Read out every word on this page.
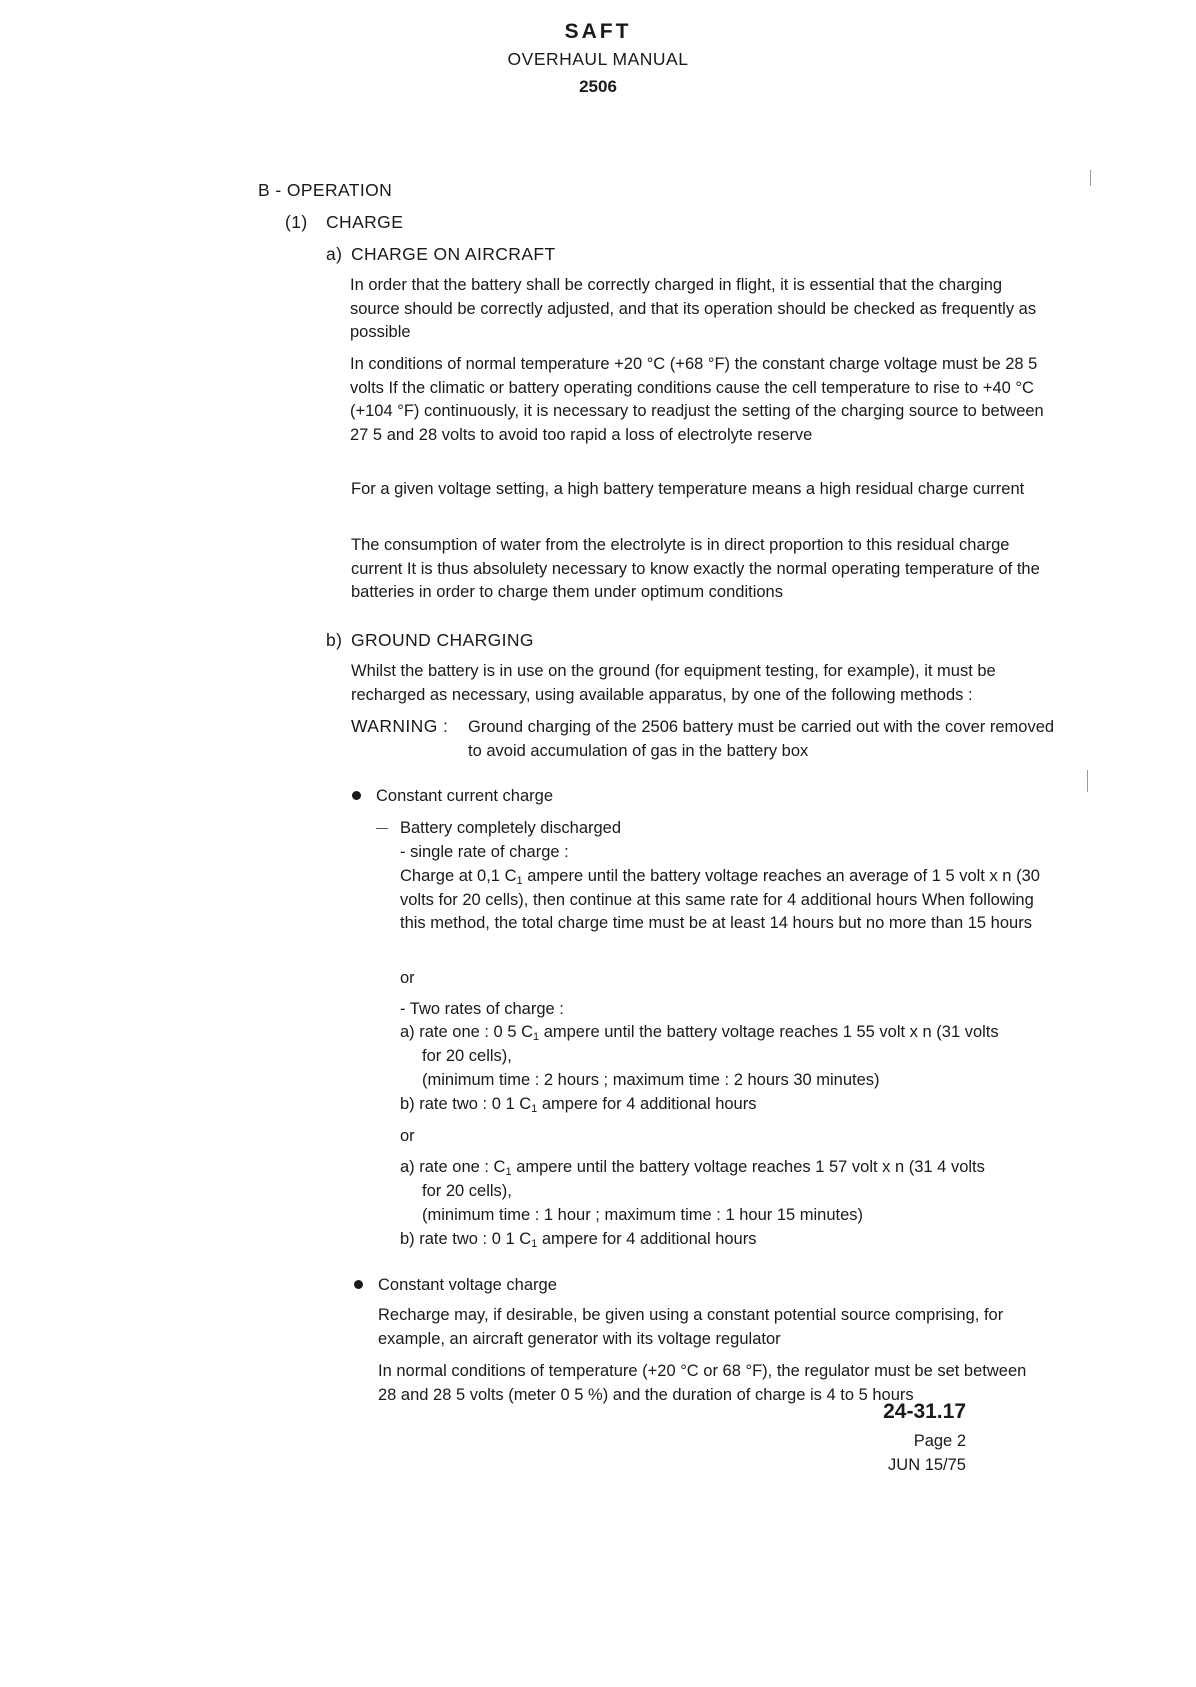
SAFT
OVERHAUL MANUAL
2506
B - OPERATION
(1) CHARGE
a) CHARGE ON AIRCRAFT

In order that the battery shall be correctly charged in flight, it is essential that the charging source should be correctly adjusted, and that its operation should be checked as frequently as possible

In conditions of normal temperature +20 °C (+68 °F) the constant charge voltage must be 28 5 volts If the climatic or battery operating conditions cause the cell temperature to rise to +40 °C (+104 °F) continuously, it is necessary to readjust the setting of the charging source to between 27 5 and 28 volts to avoid too rapid a loss of electrolyte reserve

For a given voltage setting, a high battery temperature means a high residual charge current

The consumption of water from the electrolyte is in direct proportion to this residual charge current It is thus absolulety necessary to know exactly the normal operating temperature of the batteries in order to charge them under optimum conditions

b) GROUND CHARGING

Whilst the battery is in use on the ground (for equipment testing, for example), it must be recharged as necessary, using available apparatus, by one of the following methods :

WARNING : Ground charging of the 2506 battery must be carried out with the cover removed to avoid accumulation of gas in the battery box

Constant current charge
Battery completely discharged
- single rate of charge :

Charge at 0,1 $C_1$ ampere until the battery voltage reaches an average of 1 5 volt x n (30 volts for 20 cells), then continue at this same rate for 4 additional hours When following this method, the total charge time must be at least 14 hours but no more than 15 hours

or
- Two rates of charge :
a) rate one : 0 5 $C_1$ ampere until the battery voltage reaches 1 55 volt x n (31 volts
for 20 cells),
(minimum time : 2 hours ; maximum time : 2 hours 30 minutes)
b) rate two : 0 1 $C_1$ ampere for 4 additional hours
or
a) rate one : $C_1$ ampere until the battery voltage reaches 1 57 volt x n (31 4 volts
for 20 cells),
(minimum time : 1 hour ; maximum time : 1 hour 15 minutes)
b) rate two : 0 1 $C_1$ ampere for 4 additional hours
Constant voltage charge

Recharge may, if desirable, be given using a constant potential source comprising, for example, an aircraft generator with its voltage regulator

In normal conditions of temperature (+20 °C or 68 °F), the regulator must be set between 28 and 28 5 volts (meter 0 5 %) and the duration of charge is 4 to 5 hours

24-31.17
Page 2
JUN 15/75
